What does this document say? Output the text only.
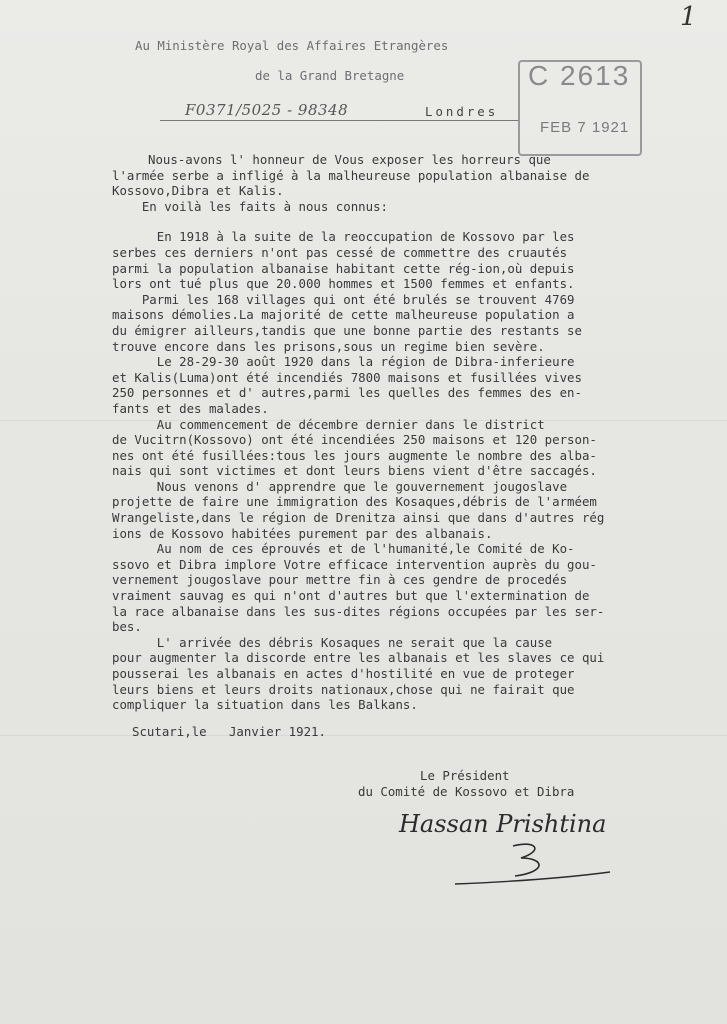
1
Au Ministère Royal des Affaires Etrangères
de la Grand Bretagne
F0371/5025 - 98348	Londres
C 2613
FEB 7 1921
Nous-avons l' honneur de Vous exposer les horreurs que
l'armée serbe a infligé à la malheureuse population albanaise de
Kossovo,Dibra et Kalis.
En voilà les faits à nous connus:
En 1918 à la suite de la reoccupation de Kossovo par les
serbes ces derniers n'ont pas cessé de commettre des cruautés
parmi la population albanaise habitant cette rég-ion,où depuis
lors ont tué plus que 20.000 hommes et 1500 femmes et enfants.
Parmi les 168 villages qui ont été brulés se trouvent 4769
maisons démolies.La majorité de cette malheureuse population a
du émigrer ailleurs,tandis que une bonne partie des restants se
trouve encore dans les prisons,sous un regime bien sevère.
Le 28-29-30 août 1920 dans la région de Dibra-inferieure
et Kalis(Luma)ont été incendiés 7800 maisons et fusillées vives
250 personnes et d' autres,parmi les quelles des femmes des en-
fants et des malades.
Au commencement de décembre dernier dans le district
de Vucitrn(Kossovo) ont été incendiées 250 maisons et 120 person-
nes ont été fusillées:tous les jours augmente le nombre des alba-
nais qui sont victimes et dont leurs biens vient d'être saccagés.
Nous venons d' apprendre que le gouvernement jougoslave
projette de faire une immigration des Kosaques,débris de l'arméem
Wrangeliste,dans le région de Drenitza ainsi que dans d'autres rég
ions de Kossovo habitées purement par des albanais.
Au nom de ces éprouvés et de l'humanité,le Comité de Ko-
ssovo et Dibra implore Votre efficace intervention auprès du gou-
vernement jougoslave pour mettre fin à ces gendre de procedés
vraiment sauvag es qui n'ont d'autres but que l'extermination de
la race albanaise dans les sus-dites régions occupées par les ser-
bes.
L' arrivée des débris Kosaques ne serait que la cause
pour augmenter la discorde entre les albanais et les slaves ce qui
pousserai les albanais en actes d'hostilité en vue de proteger
leurs biens et leurs droits nationaux,chose qui ne fairait que
compliquer la situation dans les Balkans.
Scutari,le   Janvier 1921.
Le Président
du Comité de Kossovo et Dibra
Hassan Prishtina
